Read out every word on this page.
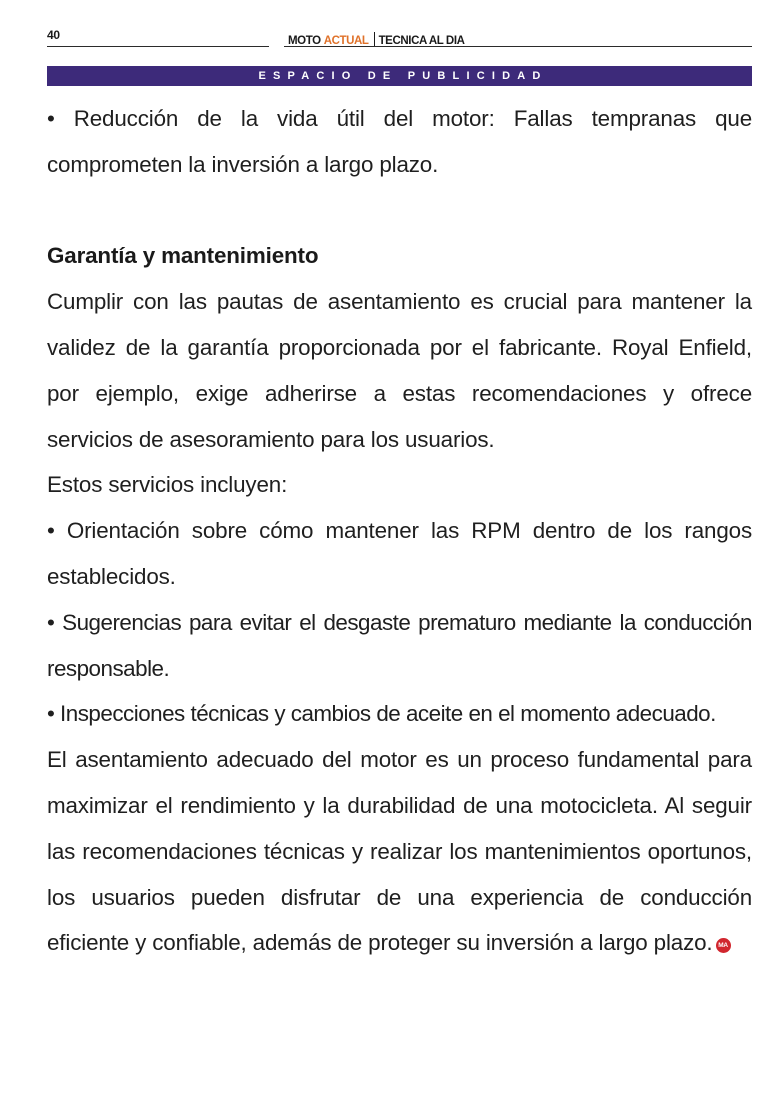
40	MOTO ACTUAL TECNICA AL DIA
ESPACIO DE PUBLICIDAD

• Reducción de la vida útil del motor: Fallas tempranas que comprometen la inversión a largo plazo.

Garantía y mantenimiento

Cumplir con las pautas de asentamiento es crucial para mantener la validez de la garantía proporcionada por el fabricante. Royal Enfield, por ejemplo, exige adherirse a estas recomendaciones y ofrece servicios de asesoramiento para los usuarios.

Estos servicios incluyen:

• Orientación sobre cómo mantener las RPM dentro de los rangos establecidos.

• Sugerencias para evitar el desgaste prematuro mediante la conducción responsable.

• Inspecciones técnicas y cambios de aceite en el momento adecuado.

El asentamiento adecuado del motor es un proceso fundamental para maximizar el rendimiento y la durabilidad de una motocicleta. Al seguir las recomendaciones técnicas y realizar los mantenimientos oportunos, los usuarios pueden disfrutar de una experiencia de conducción eficiente y confiable, además de proteger su inversión a largo plazo. MA
